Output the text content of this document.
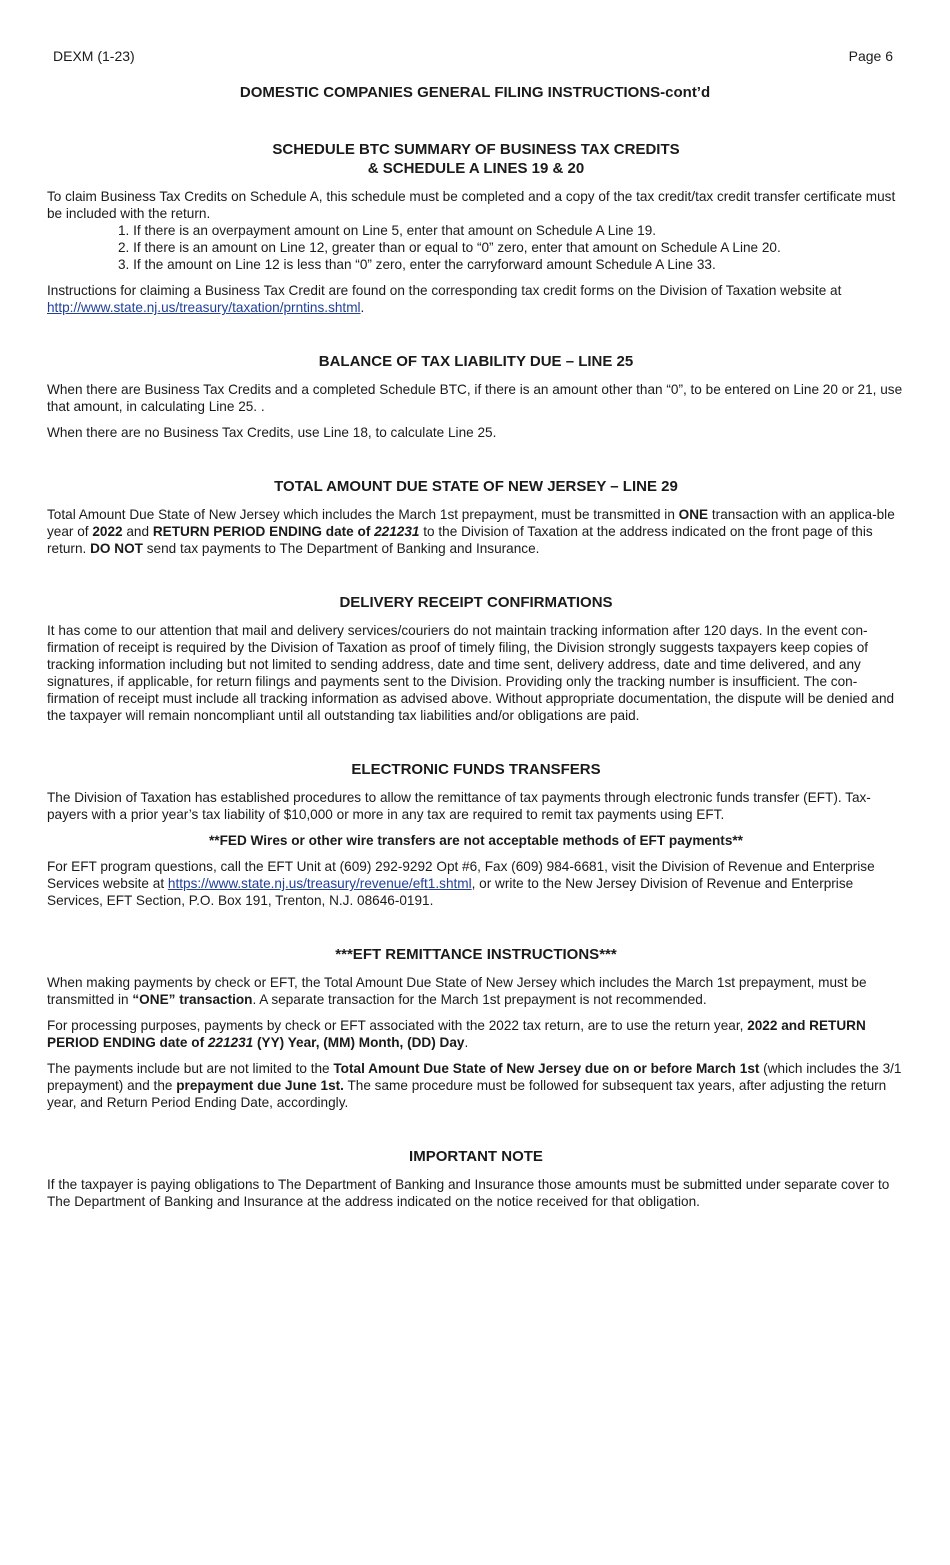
DEXM (1-23)	Page 6
DOMESTIC COMPANIES GENERAL FILING INSTRUCTIONS-cont’d
SCHEDULE BTC SUMMARY OF BUSINESS TAX CREDITS
& SCHEDULE A LINES 19 & 20

To claim Business Tax Credits on Schedule A, this schedule must be completed and a copy of the tax credit/tax credit transfer certificate must be included with the return.

1. If there is an overpayment amount on Line 5, enter that amount on Schedule A Line 19.
2. If there is an amount on Line 12, greater than or equal to “0” zero, enter that amount on Schedule A Line 20.
3. If the amount on Line 12 is less than “0” zero, enter the carryforward amount Schedule A Line 33.

Instructions for claiming a Business Tax Credit are found on the corresponding tax credit forms on the Division of Taxation website at http://www.state.nj.us/treasury/taxation/prntins.shtml.

BALANCE OF TAX LIABILITY DUE – LINE 25

When there are Business Tax Credits and a completed Schedule BTC, if there is an amount other than “0”, to be entered on Line 20 or 21, use that amount, in calculating Line 25. .

When there are no Business Tax Credits, use Line 18, to calculate Line 25.

TOTAL AMOUNT DUE STATE OF NEW JERSEY – LINE 29

Total Amount Due State of New Jersey which includes the March 1st prepayment, must be transmitted in ONE transaction with an applica-ble year of 2022 and RETURN PERIOD ENDING date of 221231 to the Division of Taxation at the address indicated on the front page of this return. DO NOT send tax payments to The Department of Banking and Insurance.

DELIVERY RECEIPT CONFIRMATIONS

It has come to our attention that mail and delivery services/couriers do not maintain tracking information after 120 days. In the event con-firmation of receipt is required by the Division of Taxation as proof of timely filing, the Division strongly suggests taxpayers keep copies of tracking information including but not limited to sending address, date and time sent, delivery address, date and time delivered, and any signatures, if applicable, for return filings and payments sent to the Division. Providing only the tracking number is insufficient. The con-firmation of receipt must include all tracking information as advised above. Without appropriate documentation, the dispute will be denied and the taxpayer will remain noncompliant until all outstanding tax liabilities and/or obligations are paid.

ELECTRONIC FUNDS TRANSFERS

The Division of Taxation has established procedures to allow the remittance of tax payments through electronic funds transfer (EFT). Tax-payers with a prior year’s tax liability of $10,000 or more in any tax are required to remit tax payments using EFT.

**FED Wires or other wire transfers are not acceptable methods of EFT payments**

For EFT program questions, call the EFT Unit at (609) 292-9292 Opt #6, Fax (609) 984-6681, visit the Division of Revenue and Enterprise Services website at https://www.state.nj.us/treasury/revenue/eft1.shtml, or write to the New Jersey Division of Revenue and Enterprise Services, EFT Section, P.O. Box 191, Trenton, N.J. 08646-0191.

***EFT REMITTANCE INSTRUCTIONS***

When making payments by check or EFT, the Total Amount Due State of New Jersey which includes the March 1st prepayment, must be transmitted in “ONE” transaction. A separate transaction for the March 1st prepayment is not recommended.

For processing purposes, payments by check or EFT associated with the 2022 tax return, are to use the return year, 2022 and RETURN PERIOD ENDING date of 221231 (YY) Year, (MM) Month, (DD) Day.

The payments include but are not limited to the Total Amount Due State of New Jersey due on or before March 1st (which includes the 3/1 prepayment) and the prepayment due June 1st. The same procedure must be followed for subsequent tax years, after adjusting the return year, and Return Period Ending Date, accordingly.

IMPORTANT NOTE

If the taxpayer is paying obligations to The Department of Banking and Insurance those amounts must be submitted under separate cover to The Department of Banking and Insurance at the address indicated on the notice received for that obligation.
